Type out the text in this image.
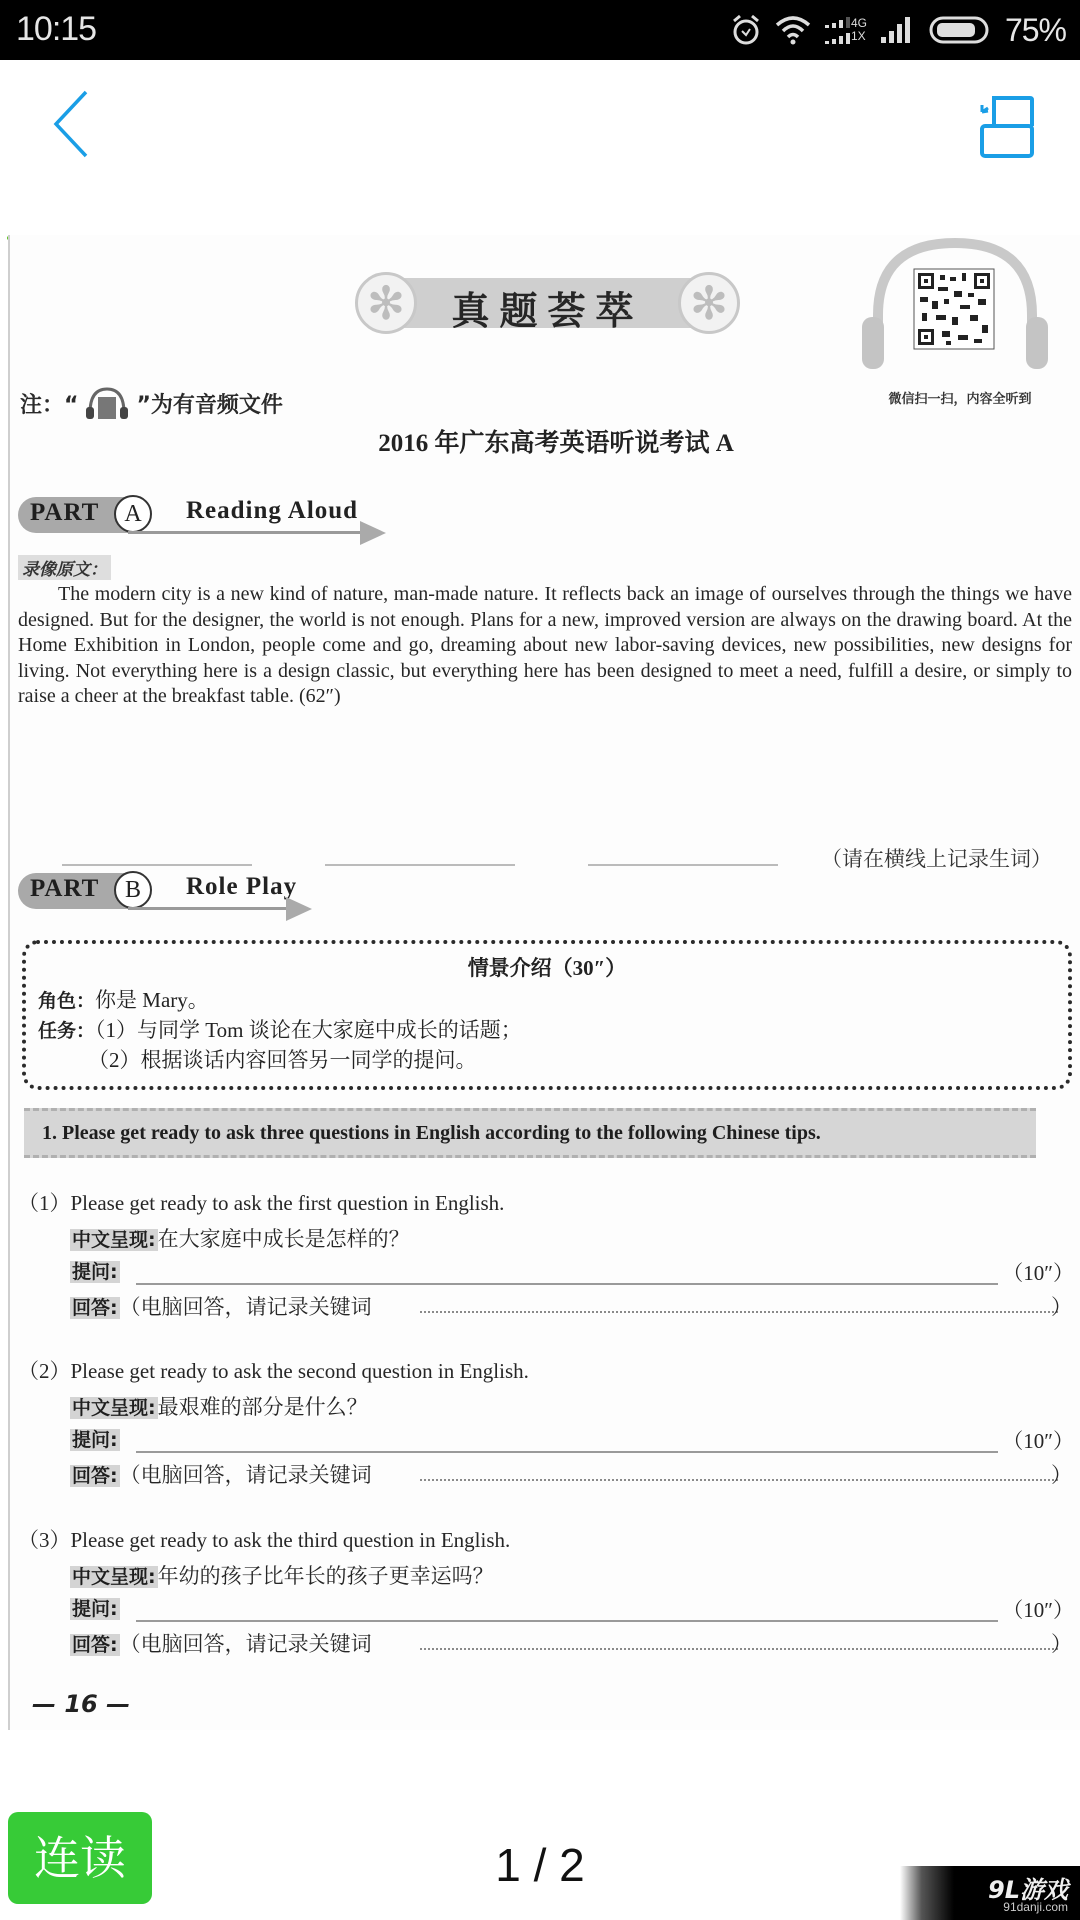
10:15	4G
1X	75%
✻	✻
真题荟萃
微信扫一扫，内容全听到
注：“	”为有音频文件
2016 年广东高考英语听说考试 A
PART	A	Reading Aloud
录像原文：
The modern city is a new kind of nature, man-made nature. It reflects back an image of ourselves through the things we have designed. But for the designer, the world is not enough. Plans for a new, improved version are always on the drawing board. At the Home Exhibition in London, people come and go, dreaming about new labor-saving devices, new possibilities, new designs for living. Not everything here is a design classic, but everything here has been designed to meet a need, fulfill a desire, or simply to raise a cheer at the breakfast table. (62″)
（请在横线上记录生词）
PART	B	Role Play
情景介绍（30″）
角色：你是 Mary。
任务：（1）与同学 Tom 谈论在大家庭中成长的话题；
（2）根据谈话内容回答另一同学的提问。
1. Please get ready to ask three questions in English according to the following Chinese tips.
（1）Please get ready to ask the first question in English.
中文呈现:在大家庭中成长是怎样的？
提问:	（10″）
回答:（电脑回答，请记录关键词	）
（2）Please get ready to ask the second question in English.
中文呈现:最艰难的部分是什么？
提问:	（10″）
回答:（电脑回答，请记录关键词	）
（3）Please get ready to ask the third question in English.
中文呈现:年幼的孩子比年长的孩子更幸运吗？
提问:	（10″）
回答:（电脑回答，请记录关键词	）
— 16 —
连读	1 / 2	9L游戏
91danji.com
